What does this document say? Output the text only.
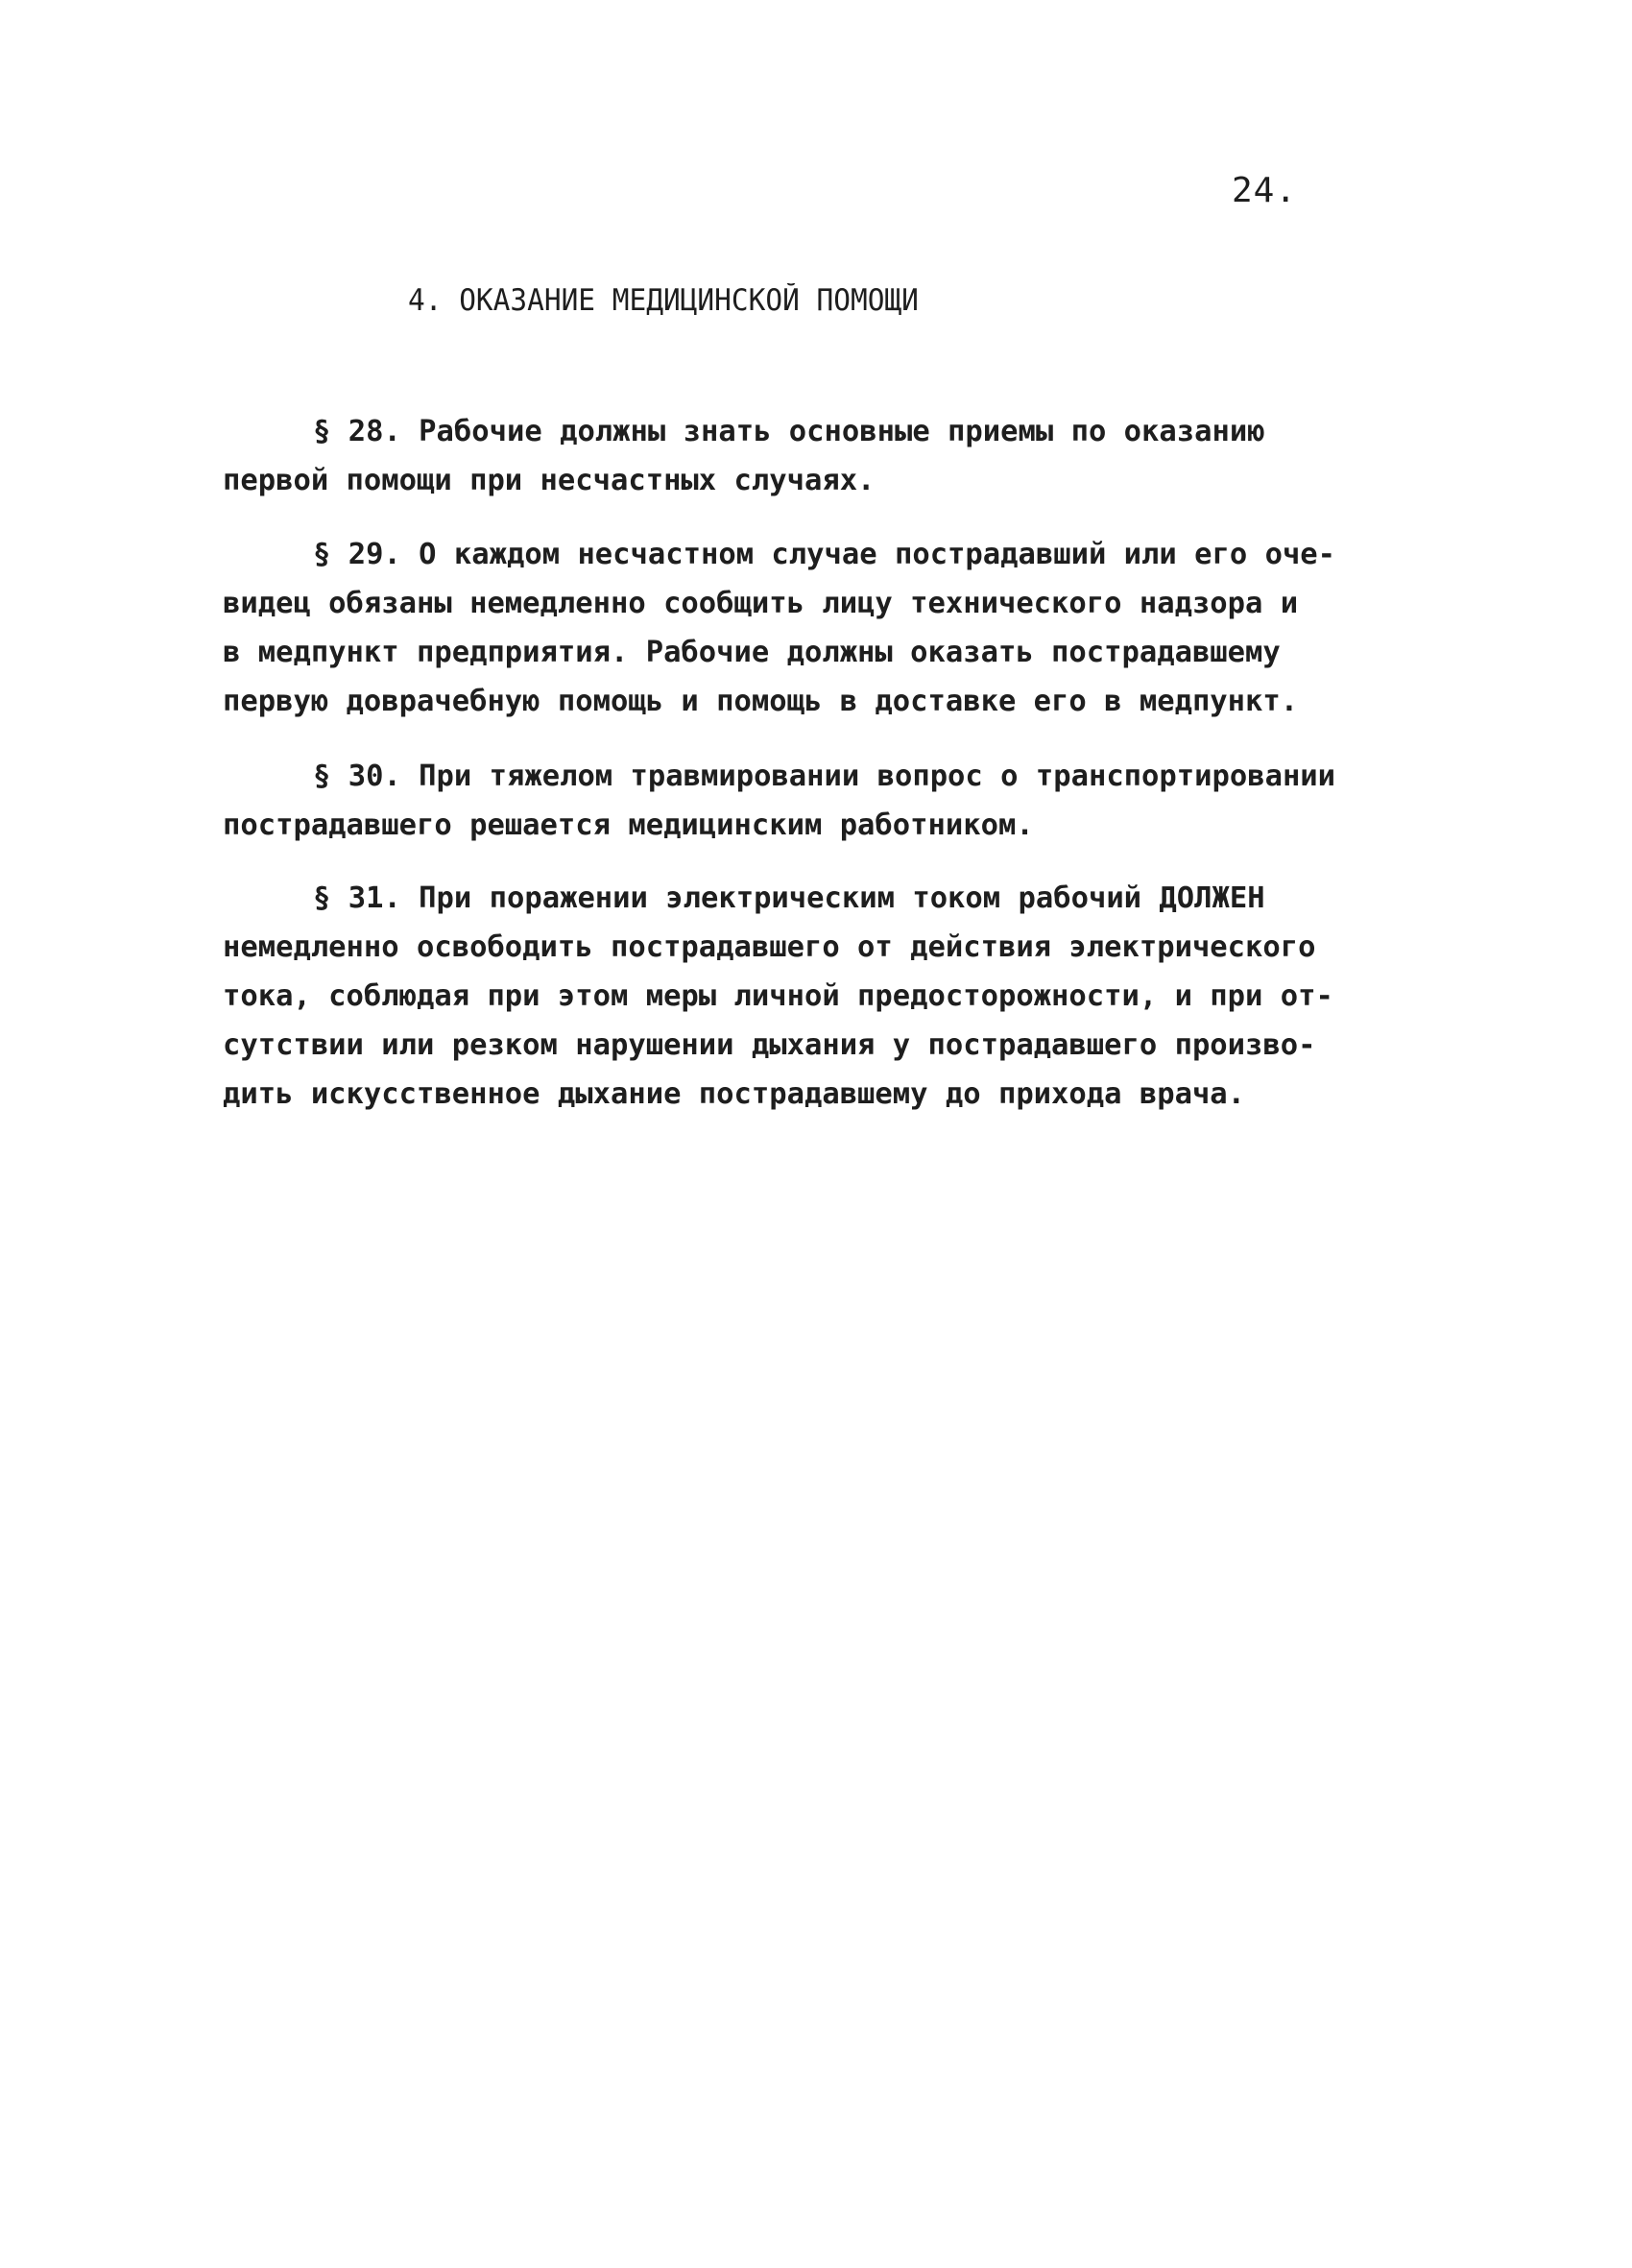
24.
4. ОКАЗАНИЕ МЕДИЦИНСКОЙ ПОМОЩИ
§ 28. Рабочие должны знать основные приемы по оказанию
первой помощи при несчастных случаях.
§ 29. О каждом несчастном случае пострадавший или его оче-
видец обязаны немедленно сообщить лицу технического надзора и
в медпункт предприятия. Рабочие должны оказать пострадавшему
первую доврачебную помощь и помощь в доставке его в медпункт.
§ 30. При тяжелом травмировании вопрос о транспортировании
пострадавшего решается медицинским работником.
§ 31. При поражении электрическим током рабочий ДОЛЖЕН
немедленно освободить пострадавшего от действия электрического
тока, соблюдая при этом меры личной предосторожности, и при от-
сутствии или резком нарушении дыхания у пострадавшего произво-
дить искусственное дыхание пострадавшему до прихода врача.
